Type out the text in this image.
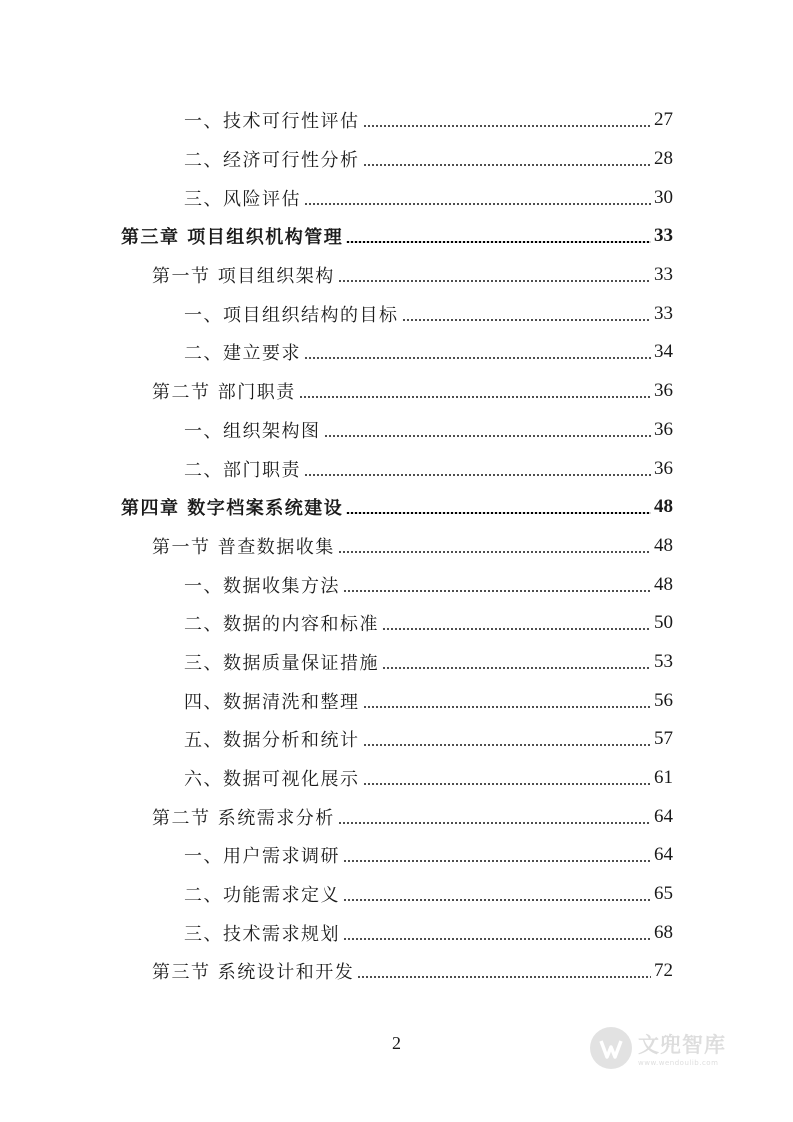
一、技术可行性评估	27
二、经济可行性分析	28
三、风险评估	30
第三章 项目组织机构管理	33
第一节 项目组织架构	33
一、项目组织结构的目标	33
二、建立要求	34
第二节 部门职责	36
一、组织架构图	36
二、部门职责	36
第四章 数字档案系统建设	48
第一节 普查数据收集	48
一、数据收集方法	48
二、数据的内容和标准	50
三、数据质量保证措施	53
四、数据清洗和整理	56
五、数据分析和统计	57
六、数据可视化展示	61
第二节 系统需求分析	64
一、用户需求调研	64
二、功能需求定义	65
三、技术需求规划	68
第三节 系统设计和开发	72
2	文兜智库
www.wendoulib.com
